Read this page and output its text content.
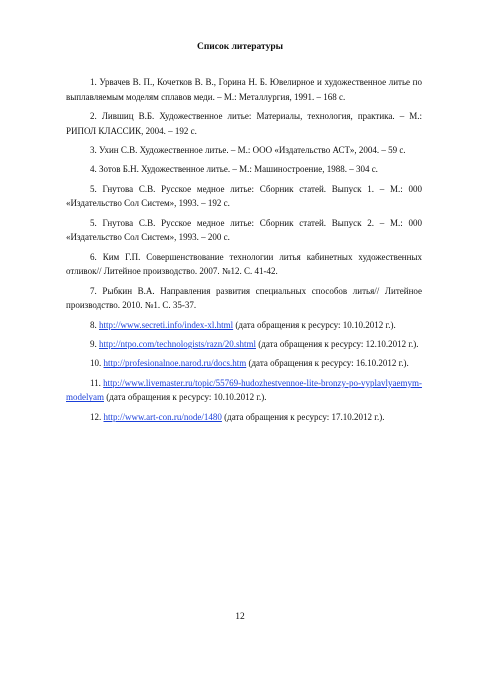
Список литературы
1. Урвачев В. П., Кочетков В. В., Горина Н. Б. Ювелирное и художественное литье по выплавляемым моделям сплавов меди. – М.: Металлургия, 1991. – 168 с.
2. Лившиц В.Б. Художественное литье: Материалы, технология, практика. – М.: РИПОЛ КЛАССИК, 2004. – 192 с.
3. Ухин С.В. Художественное литье. – М.: ООО «Издательство АСТ», 2004. – 59 с.
4. Зотов Б.Н. Художественное литье. – М.: Машиностроение, 1988. – 304 с.
5. Гнутова С.В. Русское медное литье: Сборник статей. Выпуск 1. – М.: 000 «Издательство Сол Систем», 1993. – 192 с.
5. Гнутова С.В. Русское медное литье: Сборник статей. Выпуск 2. – М.: 000 «Издательство Сол Систем», 1993. – 200 с.
6. Ким Г.П. Совершенствование технологии литья кабинетных художественных отливок// Литейное производство. 2007. №12. С. 41-42.
7. Рыбкин В.А. Направления развития специальных способов литья// Литейное производство. 2010. №1. С. 35-37.
8. http://www.secreti.info/index-xl.html (дата обращения к ресурсу: 10.10.2012 г.).
9. http://ntpo.com/technologists/razn/20.shtml (дата обращения к ресурсу: 12.10.2012 г.).
10. http://profesionalnoe.narod.ru/docs.htm (дата обращения к ресурсу: 16.10.2012 г.).
11. http://www.livemaster.ru/topic/55769-hudozhestvennoe-lite-bronzy-po-vyplavlyaemym-modelyam (дата обращения к ресурсу: 10.10.2012 г.).
12. http://www.art-con.ru/node/1480 (дата обращения к ресурсу: 17.10.2012 г.).
12
